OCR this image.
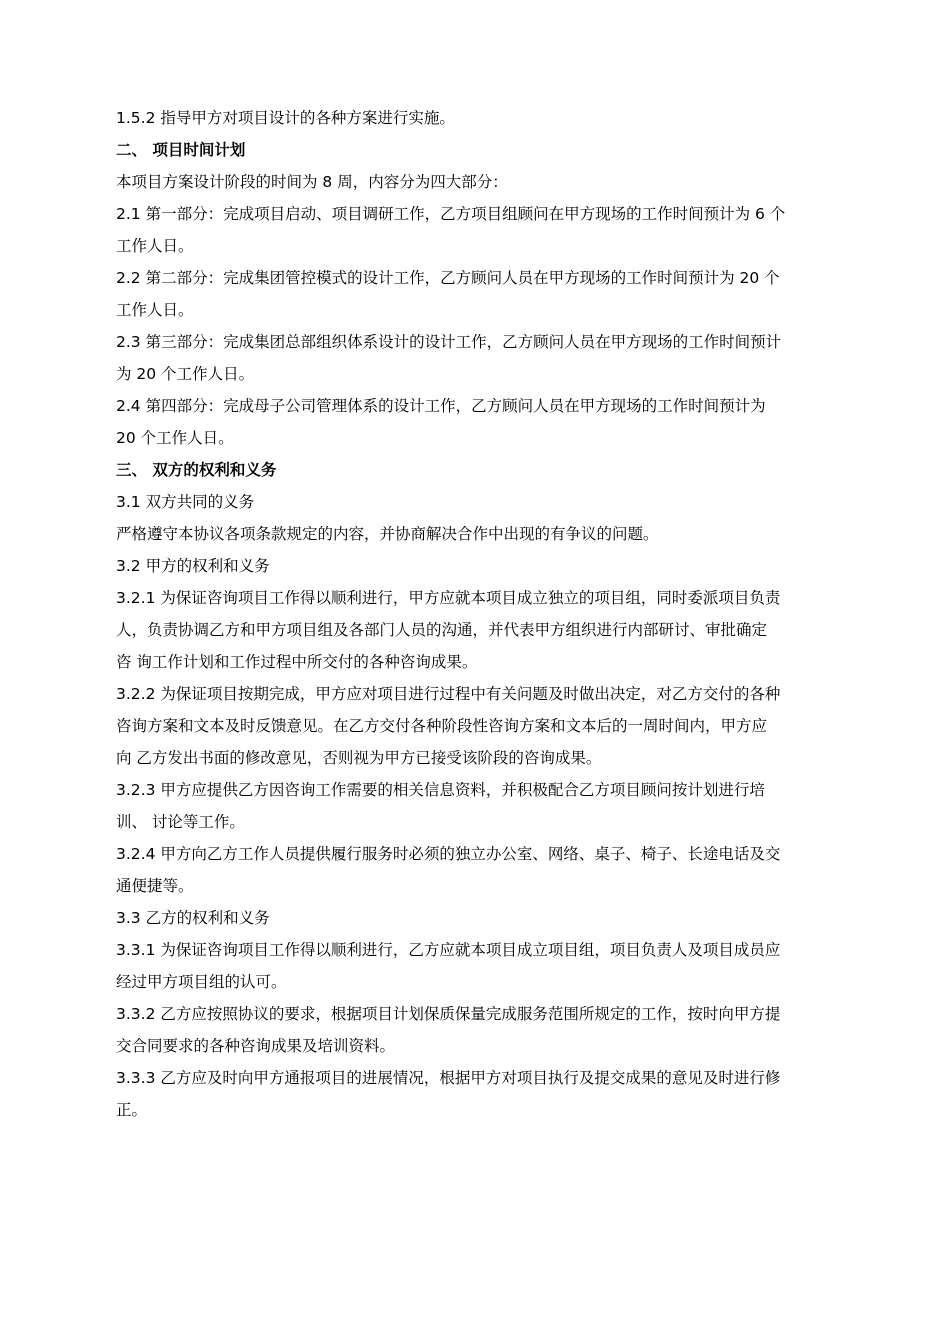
1.5.2 指导甲方对项目设计的各种方案进行实施。

二、 项目时间计划

本项目方案设计阶段的时间为 8 周，内容分为四大部分：

2.1 第一部分：完成项目启动、项目调研工作，乙方项目组顾问在甲方现场的工作时间预计为 6 个

工作人日。

2.2 第二部分：完成集团管控模式的设计工作，乙方顾问人员在甲方现场的工作时间预计为 20 个

工作人日。

2.3 第三部分：完成集团总部组织体系设计的设计工作，乙方顾问人员在甲方现场的工作时间预计

为 20 个工作人日。

2.4 第四部分：完成母子公司管理体系的设计工作，乙方顾问人员在甲方现场的工作时间预计为

20 个工作人日。

三、 双方的权利和义务

3.1 双方共同的义务

严格遵守本协议各项条款规定的内容，并协商解决合作中出现的有争议的问题。

3.2 甲方的权利和义务

3.2.1 为保证咨询项目工作得以顺利进行，甲方应就本项目成立独立的项目组，同时委派项目负责

人，负责协调乙方和甲方项目组及各部门人员的沟通，并代表甲方组织进行内部研讨、审批确定

咨 询工作计划和工作过程中所交付的各种咨询成果。

3.2.2 为保证项目按期完成，甲方应对项目进行过程中有关问题及时做出决定，对乙方交付的各种

咨询方案和文本及时反馈意见。在乙方交付各种阶段性咨询方案和文本后的一周时间内，甲方应

向 乙方发出书面的修改意见，否则视为甲方已接受该阶段的咨询成果。

3.2.3 甲方应提供乙方因咨询工作需要的相关信息资料，并积极配合乙方项目顾问按计划进行培

训、 讨论等工作。

3.2.4 甲方向乙方工作人员提供履行服务时必须的独立办公室、网络、桌子、椅子、长途电话及交

通便捷等。

3.3 乙方的权利和义务

3.3.1 为保证咨询项目工作得以顺利进行，乙方应就本项目成立项目组，项目负责人及项目成员应

经过甲方项目组的认可。

3.3.2 乙方应按照协议的要求，根据项目计划保质保量完成服务范围所规定的工作，按时向甲方提

交合同要求的各种咨询成果及培训资料。

3.3.3 乙方应及时向甲方通报项目的进展情况，根据甲方对项目执行及提交成果的意见及时进行修

正。
